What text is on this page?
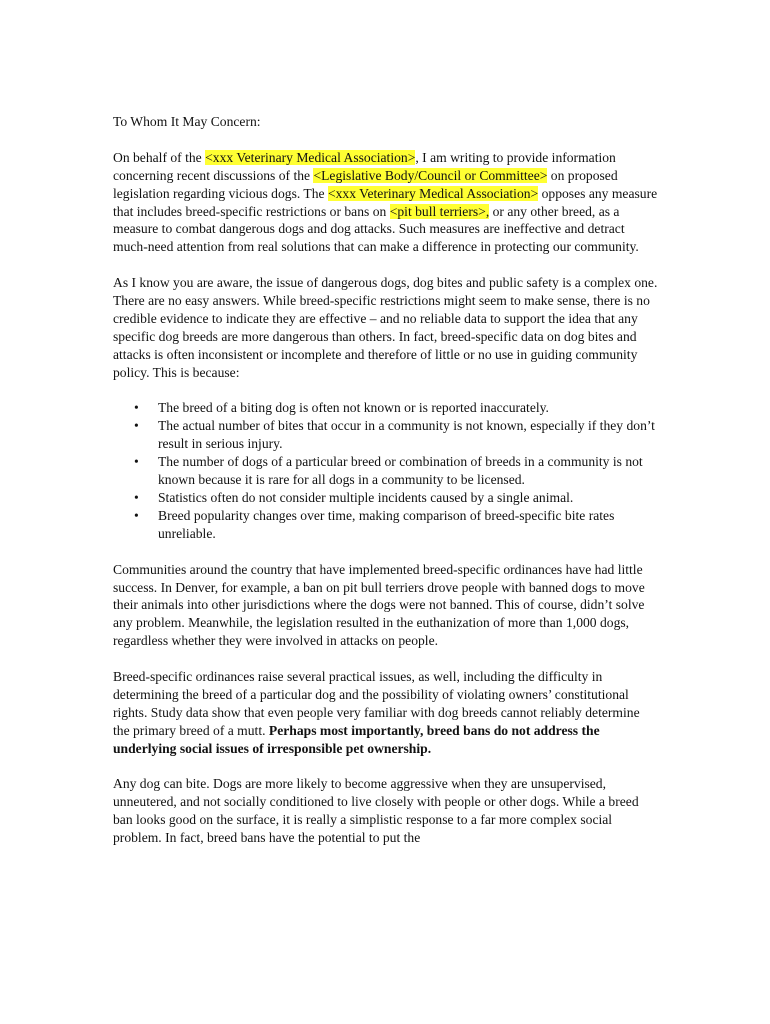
To Whom It May Concern:

On behalf of the <xxx Veterinary Medical Association>, I am writing to provide information concerning recent discussions of the <Legislative Body/Council or Committee> on proposed legislation regarding vicious dogs. The <xxx Veterinary Medical Association> opposes any measure that includes breed-specific restrictions or bans on <pit bull terriers>, or any other breed, as a measure to combat dangerous dogs and dog attacks. Such measures are ineffective and detract much-need attention from real solutions that can make a difference in protecting our community.

As I know you are aware, the issue of dangerous dogs, dog bites and public safety is a complex one. There are no easy answers. While breed-specific restrictions might seem to make sense, there is no credible evidence to indicate they are effective – and no reliable data to support the idea that any specific dog breeds are more dangerous than others. In fact, breed-specific data on dog bites and attacks is often inconsistent or incomplete and therefore of little or no use in guiding community policy. This is because:

• The breed of a biting dog is often not known or is reported inaccurately.
• The actual number of bites that occur in a community is not known, especially if they don’t result in serious injury.
• The number of dogs of a particular breed or combination of breeds in a community is not known because it is rare for all dogs in a community to be licensed.
• Statistics often do not consider multiple incidents caused by a single animal.
• Breed popularity changes over time, making comparison of breed-specific bite rates unreliable.

Communities around the country that have implemented breed-specific ordinances have had little success. In Denver, for example, a ban on pit bull terriers drove people with banned dogs to move their animals into other jurisdictions where the dogs were not banned. This of course, didn’t solve any problem. Meanwhile, the legislation resulted in the euthanization of more than 1,000 dogs, regardless whether they were involved in attacks on people.

Breed-specific ordinances raise several practical issues, as well, including the difficulty in determining the breed of a particular dog and the possibility of violating owners’ constitutional rights. Study data show that even people very familiar with dog breeds cannot reliably determine the primary breed of a mutt. Perhaps most importantly, breed bans do not address the underlying social issues of irresponsible pet ownership.

Any dog can bite. Dogs are more likely to become aggressive when they are unsupervised, unneutered, and not socially conditioned to live closely with people or other dogs. While a breed ban looks good on the surface, it is really a simplistic response to a far more complex social problem. In fact, breed bans have the potential to put the
